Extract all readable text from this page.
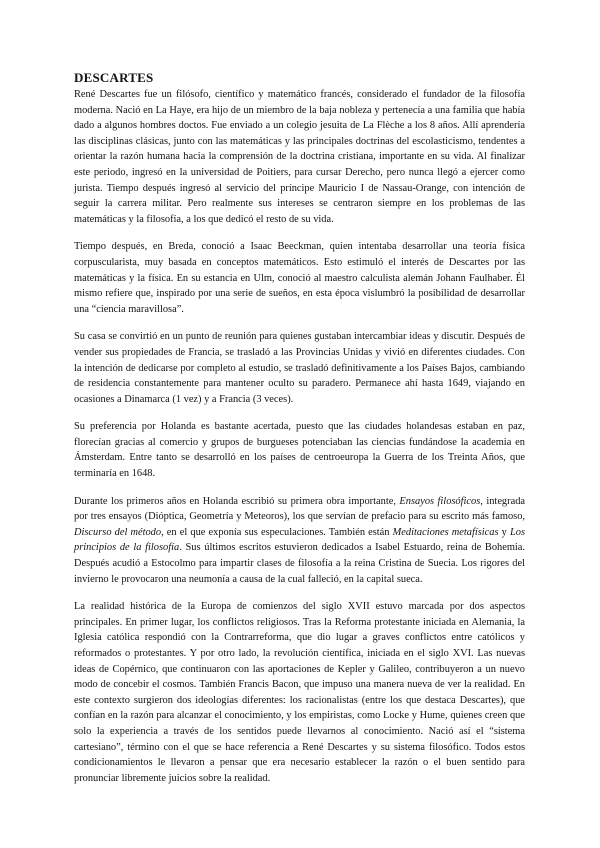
DESCARTES

René Descartes fue un filósofo, científico y matemático francés, considerado el fundador de la filosofía moderna. Nació en La Haye, era hijo de un miembro de la baja nobleza y pertenecía a una familia que había dado a algunos hombres doctos. Fue enviado a un colegio jesuita de La Flèche a los 8 años. Allí aprendería las disciplinas clásicas, junto con las matemáticas y las principales doctrinas del escolasticismo, tendentes a orientar la razón humana hacia la comprensión de la doctrina cristiana, importante en su vida. Al finalizar este periodo, ingresó en la universidad de Poitiers, para cursar Derecho, pero nunca llegó a ejercer como jurista. Tiempo después ingresó al servicio del príncipe Mauricio I de Nassau-Orange, con intención de seguir la carrera militar. Pero realmente sus intereses se centraron siempre en los problemas de las matemáticas y la filosofía, a los que dedicó el resto de su vida.

Tiempo después, en Breda, conoció a Isaac Beeckman, quien intentaba desarrollar una teoría física corpuscularista, muy basada en conceptos matemáticos. Esto estimuló el interés de Descartes por las matemáticas y la física. En su estancia en Ulm, conoció al maestro calculista alemán Johann Faulhaber. Él mismo refiere que, inspirado por una serie de sueños, en esta época vislumbró la posibilidad de desarrollar una “ciencia maravillosa”.

Su casa se convirtió en un punto de reunión para quienes gustaban intercambiar ideas y discutir. Después de vender sus propiedades de Francia, se trasladó a las Provincias Unidas y vivió en diferentes ciudades. Con la intención de dedicarse por completo al estudio, se trasladó definitivamente a los Países Bajos, cambiando de residencia constantemente para mantener oculto su paradero. Permanece ahí hasta 1649, viajando en ocasiones a Dinamarca (1 vez) y a Francia (3 veces).

Su preferencia por Holanda es bastante acertada, puesto que las ciudades holandesas estaban en paz, florecían gracias al comercio y grupos de burgueses potenciaban las ciencias fundándose la academia en Ámsterdam. Entre tanto se desarrolló en los países de centroeuropa la Guerra de los Treinta Años, que terminaría en 1648.

Durante los primeros años en Holanda escribió su primera obra importante, Ensayos filosóficos, integrada por tres ensayos (Dióptica, Geometría y Meteoros), los que servían de prefacio para su escrito más famoso, Discurso del método, en el que exponía sus especulaciones. También están Meditaciones metafísicas y Los principios de la filosofía. Sus últimos escritos estuvieron dedicados a Isabel Estuardo, reina de Bohemia. Después acudió a Estocolmo para impartir clases de filosofía a la reina Cristina de Suecia. Los rigores del invierno le provocaron una neumonía a causa de la cual falleció, en la capital sueca.

La realidad histórica de la Europa de comienzos del siglo XVII estuvo marcada por dos aspectos principales. En primer lugar, los conflictos religiosos. Tras la Reforma protestante iniciada en Alemania, la Iglesia católica respondió con la Contrarreforma, que dio lugar a graves conflictos entre católicos y reformados o protestantes. Y por otro lado, la revolución científica, iniciada en el siglo XVI. Las nuevas ideas de Copérnico, que continuaron con las aportaciones de Kepler y Galileo, contribuyeron a un nuevo modo de concebir el cosmos. También Francis Bacon, que impuso una manera nueva de ver la realidad. En este contexto surgieron dos ideologías diferentes: los racionalistas (entre los que destaca Descartes), que confían en la razón para alcanzar el conocimiento, y los empiristas, como Locke y Hume, quienes creen que solo la experiencia a través de los sentidos puede llevarnos al conocimiento. Nació así el “sistema cartesiano”, término con el que se hace referencia a René Descartes y su sistema filosófico. Todos estos condicionamientos le llevaron a pensar que era necesario establecer la razón o el buen sentido para pronunciar libremente juicios sobre la realidad.
